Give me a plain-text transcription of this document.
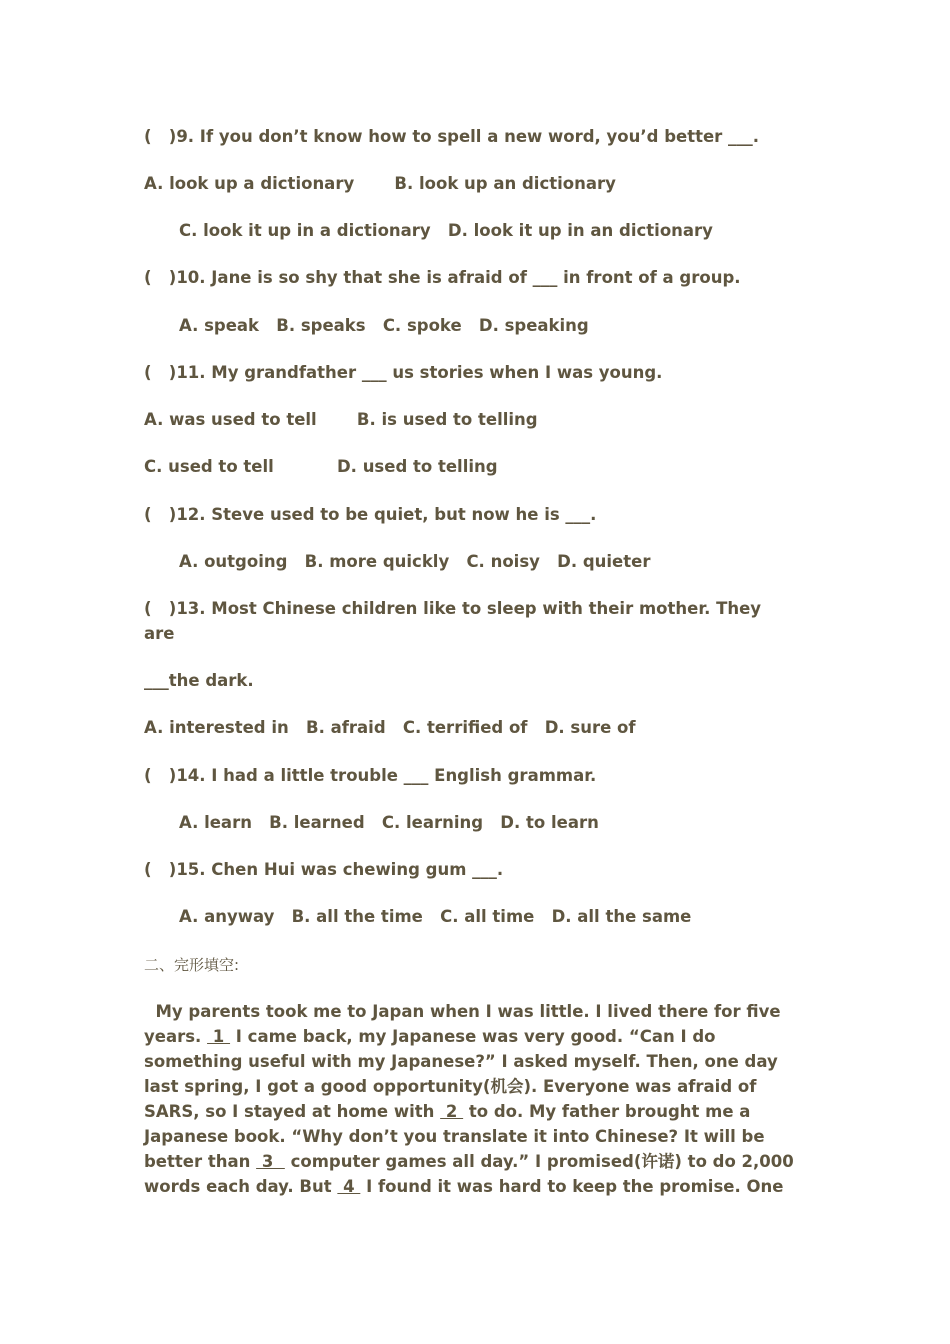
(   )9. If you don’t know how to spell a new word, you’d better ___.

A. look up a dictionary       B. look up an dictionary

C. look it up in a dictionary   D. look it up in an dictionary

(   )10. Jane is so shy that she is afraid of ___ in front of a group.

A. speak   B. speaks   C. spoke   D. speaking

(   )11. My grandfather ___ us stories when I was young.

A. was used to tell       B. is used to telling

C. used to tell           D. used to telling

(   )12. Steve used to be quiet, but now he is ___.

A. outgoing   B. more quickly   C. noisy   D. quieter

(   )13. Most Chinese children like to sleep with their mother. They

are

___the dark.

A. interested in   B. afraid   C. terrified of   D. sure of

(   )14. I had a little trouble ___ English grammar.

A. learn   B. learned   C. learning   D. to learn

(   )15. Chen Hui was chewing gum ___.

A. anyway   B. all the time   C. all time   D. all the same

二、完形填空:

My parents took me to Japan when I was little. I lived there for five
years.  1  I came back, my Japanese was very good. “Can I do
something useful with my Japanese?” I asked myself. Then, one day
last spring, I got a good opportunity(机会). Everyone was afraid of
SARS, so I stayed at home with  2  to do. My father brought me a
Japanese book. “Why don’t you translate it into Chinese? It will be
better than  3   computer games all day.” I promised(许诺) to do 2,000
words each day. But  4  I found it was hard to keep the promise. One
